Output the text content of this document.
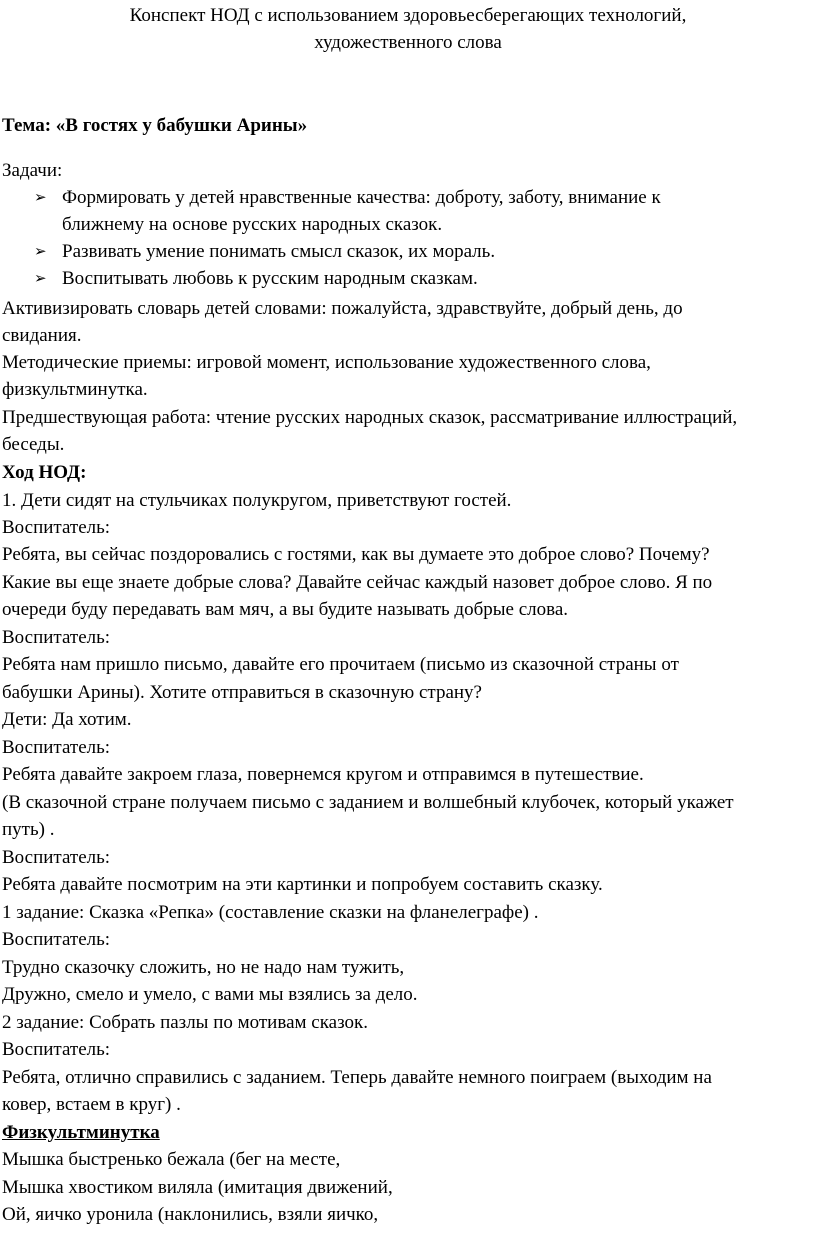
Конспект НОД с использованием здоровьесберегающих технологий,
художественного слова
Тема: «В гостях у бабушки Арины»
Задачи:
➢ Формировать у детей нравственные качества: доброту, заботу, внимание к
ближнему на основе русских народных сказок.
➢ Развивать умение понимать смысл сказок, их мораль.
➢ Воспитывать любовь к русским народным сказкам.
Активизировать словарь детей словами: пожалуйста, здравствуйте, добрый день, до
свидания.
Методические приемы: игровой момент, использование художественного слова,
физкультминутка.
Предшествующая работа: чтение русских народных сказок, рассматривание иллюстраций,
беседы.
Ход НОД:
1. Дети сидят на стульчиках полукругом, приветствуют гостей.
Воспитатель:
Ребята, вы сейчас поздоровались с гостями, как вы думаете это доброе слово? Почему?
Какие вы еще знаете добрые слова? Давайте сейчас каждый назовет доброе слово. Я по
очереди буду передавать вам мяч, а вы будите называть добрые слова.
Воспитатель:
Ребята нам пришло письмо, давайте его прочитаем (письмо из сказочной страны от
бабушки Арины). Хотите отправиться в сказочную страну?
Дети: Да хотим.
Воспитатель:
Ребята давайте закроем глаза, повернемся кругом и отправимся в путешествие.
(В сказочной стране получаем письмо с заданием и волшебный клубочек, который укажет
путь) .
Воспитатель:
Ребята давайте посмотрим на эти картинки и попробуем составить сказку.
1 задание: Сказка «Репка» (составление сказки на фланелеграфе) .
Воспитатель:
Трудно сказочку сложить, но не надо нам тужить,
Дружно, смело и умело, с вами мы взялись за дело.
2 задание: Собрать пазлы по мотивам сказок.
Воспитатель:
Ребята, отлично справились с заданием. Теперь давайте немного поиграем (выходим на
ковер, встаем в круг) .
Физкультминутка
Мышка быстренько бежала (бег на месте,
Мышка хвостиком виляла (имитация движений,
Ой, яичко уронила (наклонились, взяли яичко,
